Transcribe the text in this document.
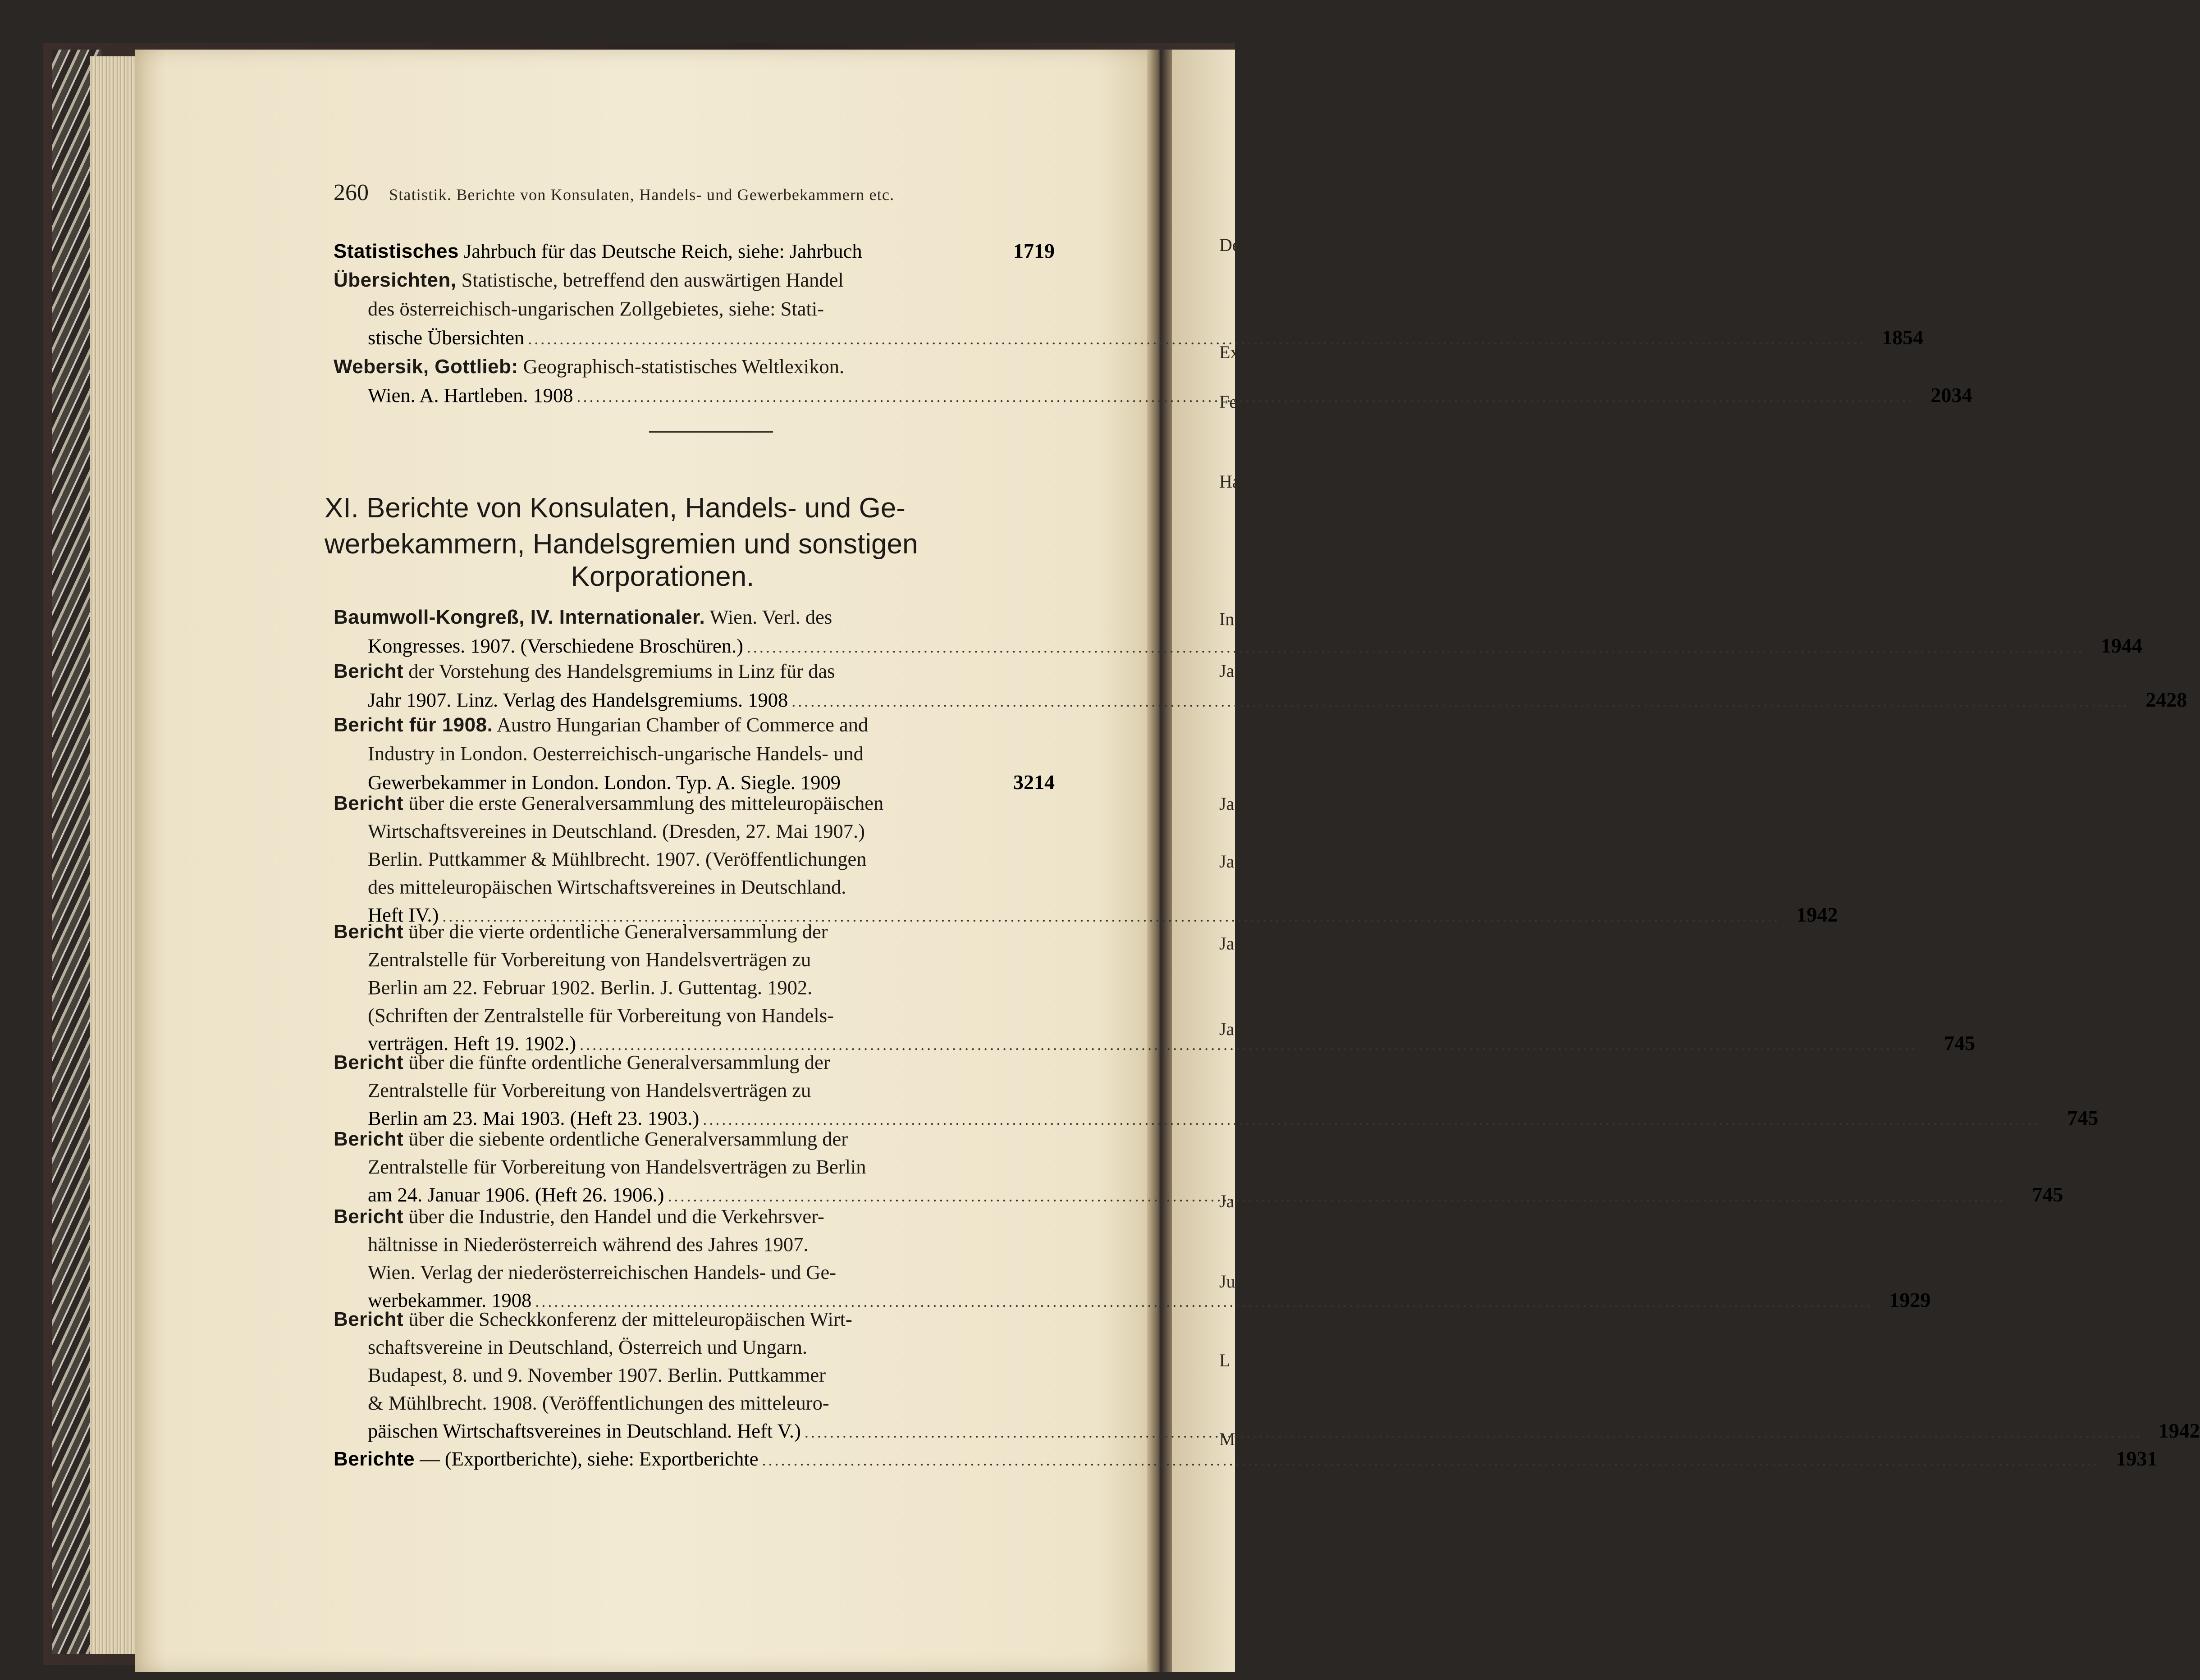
De
Ex
Fe
Ha
In
Ja
Ja
Ja
Ja
Ja
Ja
Ju
L
M
260 Statistik. Berichte von Konsulaten, Handels- und Gewerbekammern etc.
Statistisches Jahrbuch für das Deutsche Reich, siehe: Jahrbuch	1719
Übersichten, Statistische, betreffend den auswärtigen Handel
des österreichisch-ungarischen Zollgebietes, siehe: Stati-
stische Übersichten .....	1854
Webersik, Gottlieb: Geographisch-statistisches Weltlexikon.
Wien. A. Hartleben. 1908 .....	2034
XI. Berichte von Konsulaten, Handels- und Ge-
werbekammern, Handelsgremien und sonstigen
Korporationen.
Baumwoll-Kongreß, IV. Internationaler. Wien. Verl. des
Kongresses. 1907. (Verschiedene Broschüren.) .....	1944
Bericht der Vorstehung des Handelsgremiums in Linz für das
Jahr 1907. Linz. Verlag des Handelsgremiums. 1908 .....	2428
Bericht für 1908. Austro Hungarian Chamber of Commerce and
Industry in London. Oesterreichisch-ungarische Handels- und
Gewerbekammer in London. London. Typ. A. Siegle. 1909	3214
Bericht über die erste Generalversammlung des mitteleuropäischen
Wirtschaftsvereines in Deutschland. (Dresden, 27. Mai 1907.)
Berlin. Puttkammer & Mühlbrecht. 1907. (Veröffentlichungen
des mitteleuropäischen Wirtschaftsvereines in Deutschland.
Heft IV.) .....	1942
Bericht über die vierte ordentliche Generalversammlung der
Zentralstelle für Vorbereitung von Handelsverträgen zu
Berlin am 22. Februar 1902. Berlin. J. Guttentag. 1902.
(Schriften der Zentralstelle für Vorbereitung von Handels-
verträgen. Heft 19. 1902.) .....	745
Bericht über die fünfte ordentliche Generalversammlung der
Zentralstelle für Vorbereitung von Handelsverträgen zu
Berlin am 23. Mai 1903. (Heft 23. 1903.) .....	745
Bericht über die siebente ordentliche Generalversammlung der
Zentralstelle für Vorbereitung von Handelsverträgen zu Berlin
am 24. Januar 1906. (Heft 26. 1906.) .....	745
Bericht über die Industrie, den Handel und die Verkehrsver-
hältnisse in Niederösterreich während des Jahres 1907.
Wien. Verlag der niederösterreichischen Handels- und Ge-
werbekammer. 1908 .....	1929
Bericht über die Scheckkonferenz der mitteleuropäischen Wirt-
schaftsvereine in Deutschland, Österreich und Ungarn.
Budapest, 8. und 9. November 1907. Berlin. Puttkammer
& Mühlbrecht. 1908. (Veröffentlichungen des mitteleuro-
päischen Wirtschaftsvereines in Deutschland. Heft V.) .....	1942
Berichte — (Exportberichte), siehe: Exportberichte .....	1931
